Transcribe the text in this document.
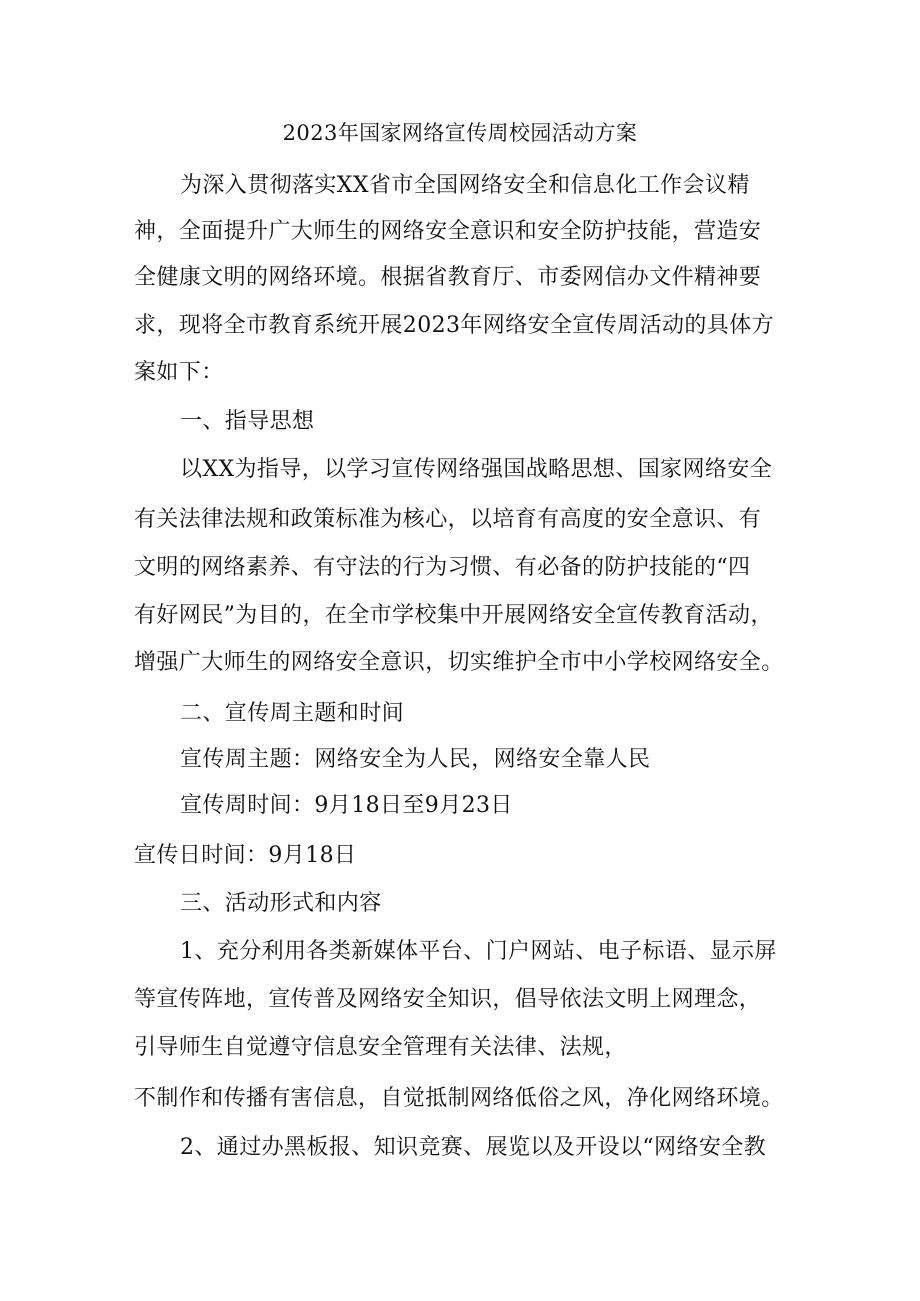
2023年国家网络宣传周校园活动方案
为深入贯彻落实XX省市全国网络安全和信息化工作会议精
神，全面提升广大师生的网络安全意识和安全防护技能，营造安
全健康文明的网络环境。根据省教育厅、市委网信办文件精神要
求，现将全市教育系统开展2023年网络安全宣传周活动的具体方
案如下：
一、指导思想
以XX为指导，以学习宣传网络强国战略思想、国家网络安全
有关法律法规和政策标准为核心，以培育有高度的安全意识、有
文明的网络素养、有守法的行为习惯、有必备的防护技能的“四
有好网民”为目的，在全市学校集中开展网络安全宣传教育活动，
增强广大师生的网络安全意识，切实维护全市中小学校网络安全。
二、宣传周主题和时间
宣传周主题：网络安全为人民，网络安全靠人民
宣传周时间：9月18日至9月23日
宣传日时间：9月18日
三、活动形式和内容
1、充分利用各类新媒体平台、门户网站、电子标语、显示屏
等宣传阵地，宣传普及网络安全知识，倡导依法文明上网理念，
引导师生自觉遵守信息安全管理有关法律、法规，
不制作和传播有害信息，自觉抵制网络低俗之风，净化网络环境。
2、通过办黑板报、知识竞赛、展览以及开设以“网络安全教
